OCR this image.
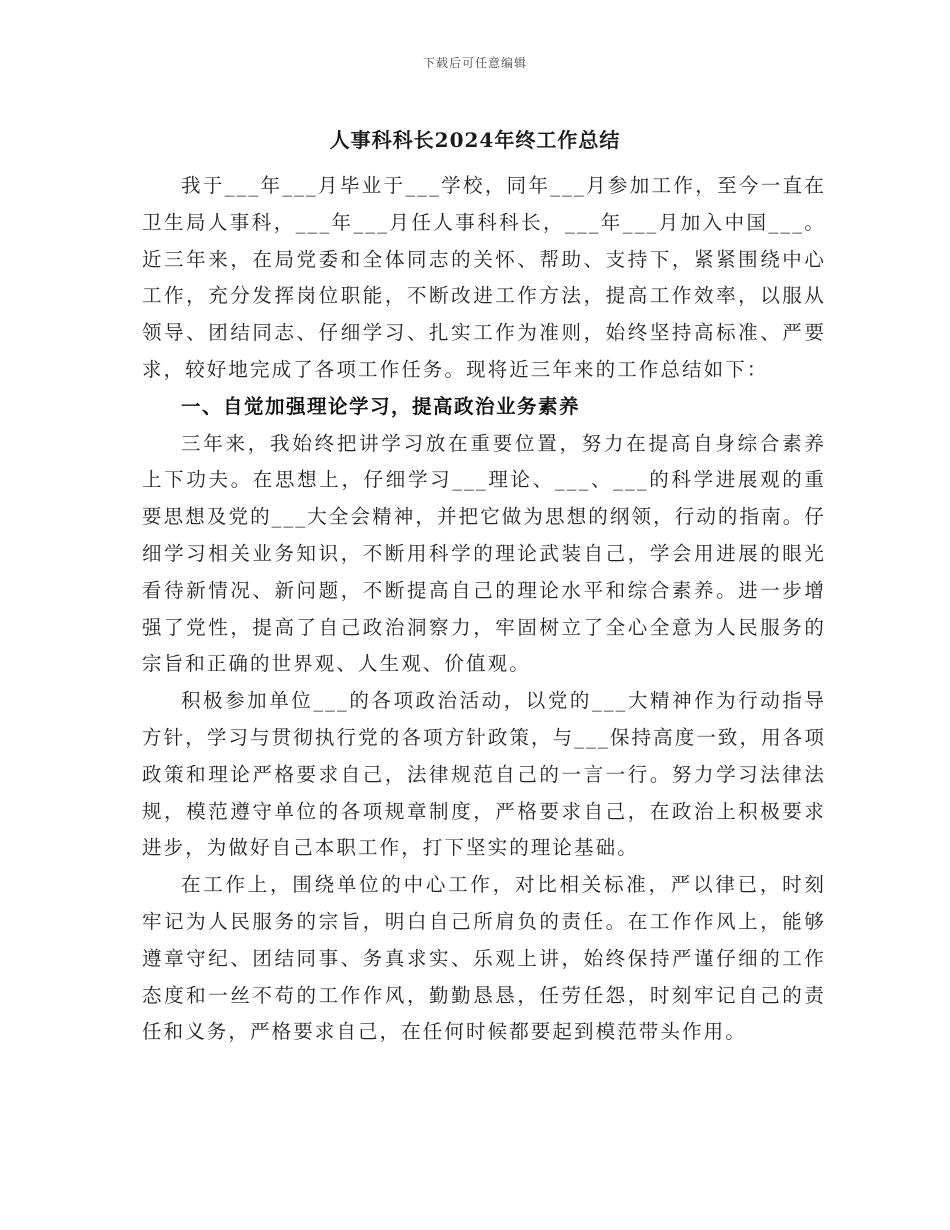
下载后可任意编辑
人事科科长2024年终工作总结

我于___年___月毕业于___学校，同年___月参加工作，至今一直在卫生局人事科，___年___月任人事科科长，___年___月加入中国___。近三年来，在局党委和全体同志的关怀、帮助、支持下，紧紧围绕中心工作，充分发挥岗位职能，不断改进工作方法，提高工作效率，以服从领导、团结同志、仔细学习、扎实工作为准则，始终坚持高标准、严要求，较好地完成了各项工作任务。现将近三年来的工作总结如下：

一、自觉加强理论学习，提高政治业务素养

三年来，我始终把讲学习放在重要位置，努力在提高自身综合素养上下功夫。在思想上，仔细学习___理论、___、___的科学进展观的重要思想及党的___大全会精神，并把它做为思想的纲领，行动的指南。仔细学习相关业务知识，不断用科学的理论武装自己，学会用进展的眼光看待新情况、新问题，不断提高自己的理论水平和综合素养。进一步增强了党性，提高了自己政治洞察力，牢固树立了全心全意为人民服务的宗旨和正确的世界观、人生观、价值观。

积极参加单位___的各项政治活动，以党的___大精神作为行动指导方针，学习与贯彻执行党的各项方针政策，与___保持高度一致，用各项政策和理论严格要求自己，法律规范自己的一言一行。努力学习法律法规，模范遵守单位的各项规章制度，严格要求自己，在政治上积极要求进步，为做好自己本职工作，打下坚实的理论基础。

在工作上，围绕单位的中心工作，对比相关标准，严以律已，时刻牢记为人民服务的宗旨，明白自己所肩负的责任。在工作作风上，能够遵章守纪、团结同事、务真求实、乐观上讲，始终保持严谨仔细的工作态度和一丝不苟的工作作风，勤勤恳恳，任劳任怨，时刻牢记自己的责任和义务，严格要求自己，在任何时候都要起到模范带头作用。
